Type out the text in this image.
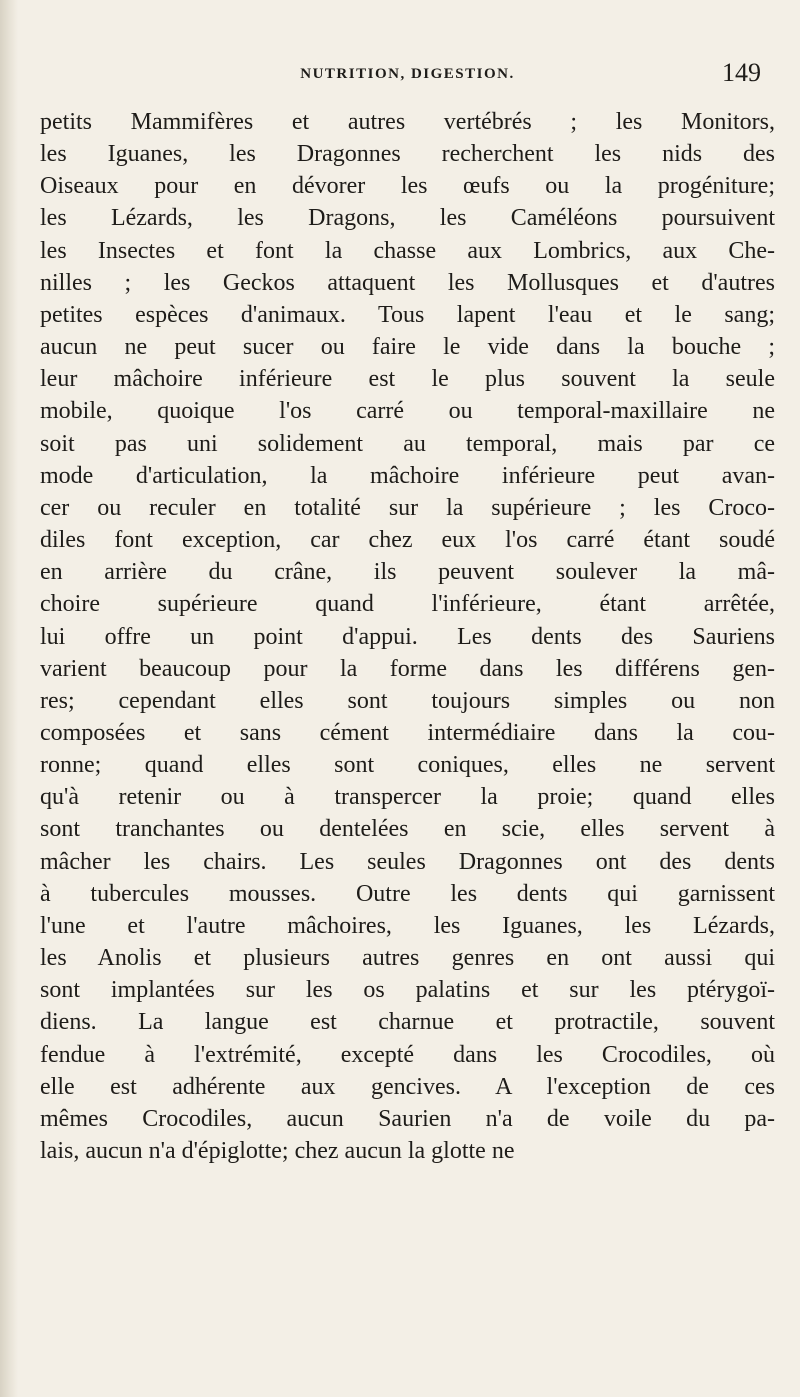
NUTRITION, DIGESTION.	149
petits Mammifères et autres vertébrés ; les Monitors,
les Iguanes, les Dragonnes recherchent les nids des
Oiseaux pour en dévorer les œufs ou la progéniture;
les Lézards, les Dragons, les Caméléons poursuivent
les Insectes et font la chasse aux Lombrics, aux Che-
nilles ; les Geckos attaquent les Mollusques et d'autres
petites espèces d'animaux. Tous lapent l'eau et le sang;
aucun ne peut sucer ou faire le vide dans la bouche ;
leur mâchoire inférieure est le plus souvent la seule
mobile, quoique l'os carré ou temporal-maxillaire ne
soit pas uni solidement au temporal, mais par ce
mode d'articulation, la mâchoire inférieure peut avan-
cer ou reculer en totalité sur la supérieure ; les Croco-
diles font exception, car chez eux l'os carré étant soudé
en arrière du crâne, ils peuvent soulever la mâ-
choire supérieure quand l'inférieure, étant arrêtée,
lui offre un point d'appui. Les dents des Sauriens
varient beaucoup pour la forme dans les différens gen-
res; cependant elles sont toujours simples ou non
composées et sans cément intermédiaire dans la cou-
ronne; quand elles sont coniques, elles ne servent
qu'à retenir ou à transpercer la proie; quand elles
sont tranchantes ou dentelées en scie, elles servent à
mâcher les chairs. Les seules Dragonnes ont des dents
à tubercules mousses. Outre les dents qui garnissent
l'une et l'autre mâchoires, les Iguanes, les Lézards,
les Anolis et plusieurs autres genres en ont aussi qui
sont implantées sur les os palatins et sur les ptérygoï-
diens. La langue est charnue et protractile, souvent
fendue à l'extrémité, excepté dans les Crocodiles, où
elle est adhérente aux gencives. A l'exception de ces
mêmes Crocodiles, aucun Saurien n'a de voile du pa-
lais, aucun n'a d'épiglotte; chez aucun la glotte ne
